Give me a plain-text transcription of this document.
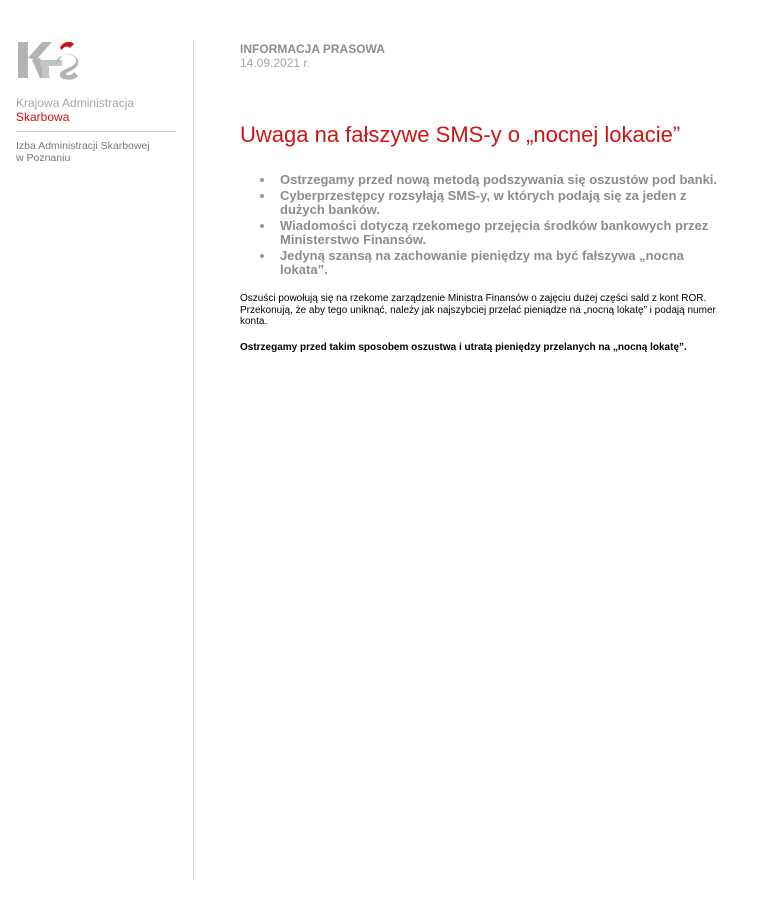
Krajowa Administracja
Skarbowa
Izba Administracji Skarbowej
w Poznaniu
INFORMACJA PRASOWA
14.09.2021 r.
Uwaga na fałszywe SMS-y o „nocnej lokacie”
Ostrzegamy przed nową metodą podszywania się oszustów pod banki.
Cyberprzestępcy rozsyłają SMS-y, w których podają się za jeden z dużych banków.
Wiadomości dotyczą rzekomego przejęcia środków bankowych przez Ministerstwo Finansów.
Jedyną szansą na zachowanie pieniędzy ma być fałszywa „nocna lokata”.
Oszuści powołują się na rzekome zarządzenie Ministra Finansów o zajęciu dużej części sald z kont ROR. Przekonują, że aby tego uniknąć, należy jak najszybciej przelać pieniądze na „nocną lokatę” i podają numer konta.
Ostrzegamy przed takim sposobem oszustwa i utratą pieniędzy przelanych na „nocną lokatę”.
